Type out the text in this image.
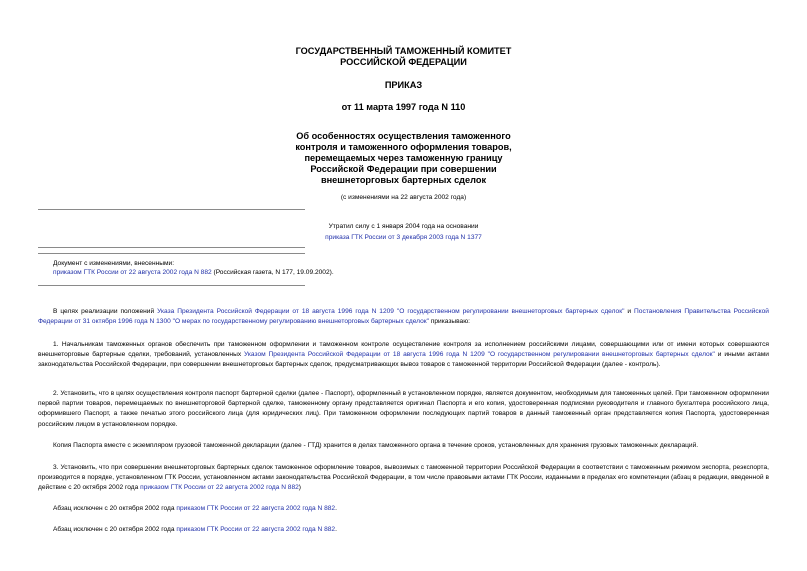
ГОСУДАРСТВЕННЫЙ ТАМОЖЕННЫЙ КОМИТЕТ
РОССИЙСКОЙ ФЕДЕРАЦИИ
ПРИКАЗ
от 11 марта 1997 года N 110
Об особенностях осуществления таможенного
контроля и таможенного оформления товаров,
перемещаемых через таможенную границу
Российской Федерации при совершении
внешнеторговых бартерных сделок
(с изменениями на 22 августа 2002 года)
Утратил силу с 1 января 2004 года на основании
приказа ГТК России от 3 декабря 2003 года N 1377
Документ с изменениями, внесенными:
приказом ГТК России от 22 августа 2002 года N 882 (Российская газета, N 177, 19.09.2002).
В целях реализации положений Указа Президента Российской Федерации от 18 августа 1996 года N 1209 "О государственном регулировании внешнеторговых бартерных сделок" и Постановления Правительства Российской Федерации от 31 октября 1996 года N 1300 "О мерах по государственному регулированию внешнеторговых бартерных сделок" приказываю:
1. Начальникам таможенных органов обеспечить при таможенном оформлении и таможенном контроле осуществление контроля за исполнением российскими лицами, совершающими или от имени которых совершаются внешнеторговые бартерные сделки, требований, установленных Указом Президента Российской Федерации от 18 августа 1996 года N 1209 "О государственном регулировании внешнеторговых бартерных сделок" и иными актами законодательства Российской Федерации, при совершении внешнеторговых бартерных сделок, предусматривающих вывоз товаров с таможенной территории Российской Федерации (далее - контроль).
2. Установить, что в целях осуществления контроля паспорт бартерной сделки (далее - Паспорт), оформленный в установленном порядке, является документом, необходимым для таможенных целей. При таможенном оформлении первой партии товаров, перемещаемых по внешнеторговой бартерной сделке, таможенному органу представляется оригинал Паспорта и его копия, удостоверенная подписями руководителя и главного бухгалтера российского лица, оформившего Паспорт, а также печатью этого российского лица (для юридических лиц). При таможенном оформлении последующих партий товаров в данный таможенный орган представляется копия Паспорта, удостоверенная российским лицом в установленном порядке.
Копия Паспорта вместе с экземпляром грузовой таможенной декларации (далее - ГТД) хранится в делах таможенного органа в течение сроков, установленных для хранения грузовых таможенных деклараций.
3. Установить, что при совершении внешнеторговых бартерных сделок таможенное оформление товаров, вывозимых с таможенной территории Российской Федерации в соответствии с таможенным режимом экспорта, реэкспорта, производится в порядке, установленном ГТК России, установленном актами законодательства Российской Федерации, в том числе правовыми актами ГТК России, изданными в пределах его компетенции (абзац в редакции, введенной в действие с 20 октября 2002 года приказом ГТК России от 22 августа 2002 года N 882)
Абзац исключен с 20 октября 2002 года приказом ГТК России от 22 августа 2002 года N 882.
Абзац исключен с 20 октября 2002 года приказом ГТК России от 22 августа 2002 года N 882.
